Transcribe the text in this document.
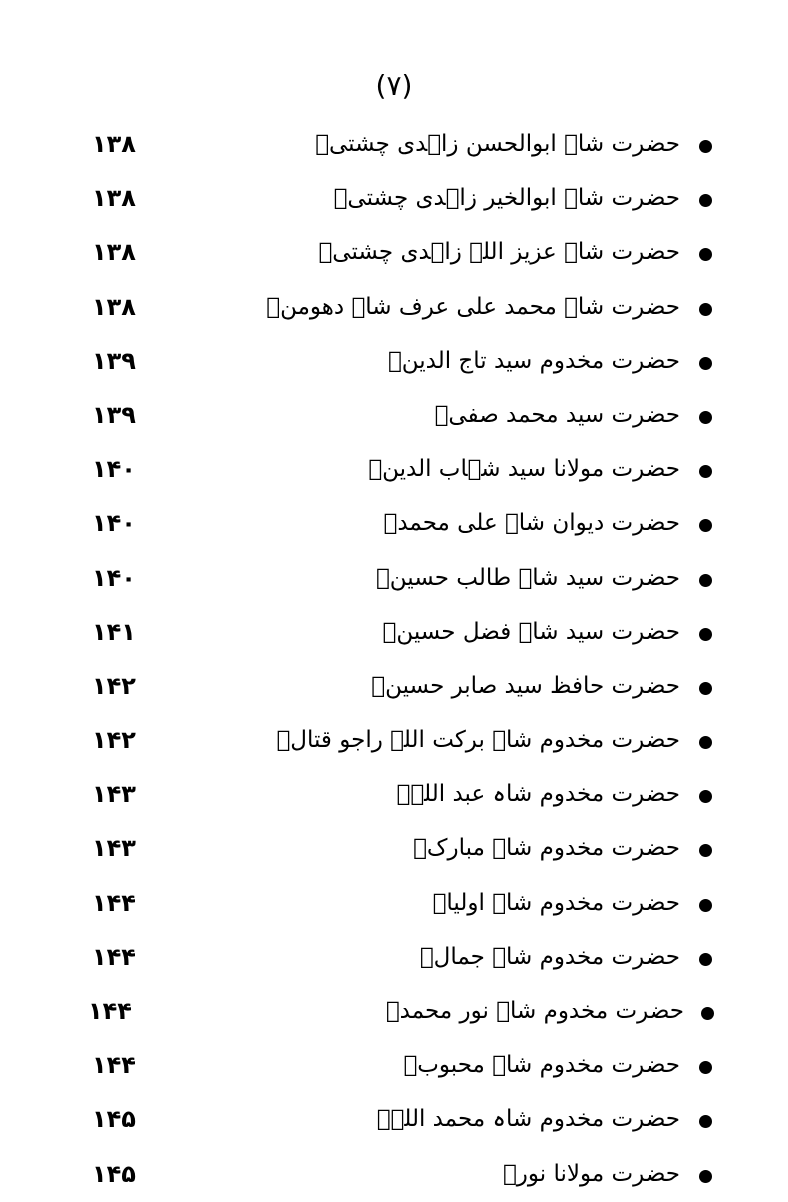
(۷)
حضرت شاہ ابوالحسن زاہدی چشتیؒ
۱۳۸
حضرت شاہ ابوالخیر زاہدی چشتیؒ
۱۳۸
حضرت شاہ عزیز اللہ زاہدی چشتیؒ
۱۳۸
حضرت شاہ محمد علی عرف شاہ دھومنؒ
۱۳۸
حضرت مخدوم سید تاج الدینؒ
۱۳۹
حضرت سید محمد صفیؒ
۱۳۹
حضرت مولانا سید شہاب الدینؒ
۱۴۰
حضرت دیوان شاہ علی محمدؒ
۱۴۰
حضرت سید شاہ طالب حسینؒ
۱۴۰
حضرت سید شاہ فضل حسینؒ
۱۴۱
حضرت حافظ سید صابر حسینؒ
۱۴۲
حضرت مخدوم شاہ برکت اللہ راجو قتالؒ
۱۴۲
حضرت مخدوم شاہ عبد اللہؒ
۱۴۳
حضرت مخدوم شاہ مبارکؒ
۱۴۳
حضرت مخدوم شاہ اولیاؒ
۱۴۴
حضرت مخدوم شاہ جمالؒ
۱۴۴
حضرت مخدوم شاہ نور محمدؒ
۱۴۴
حضرت مخدوم شاہ محبوبؒ
۱۴۴
حضرت مخدوم شاہ محمد اللہؒ
۱۴۵
حضرت مولانا نورؒ
۱۴۵
